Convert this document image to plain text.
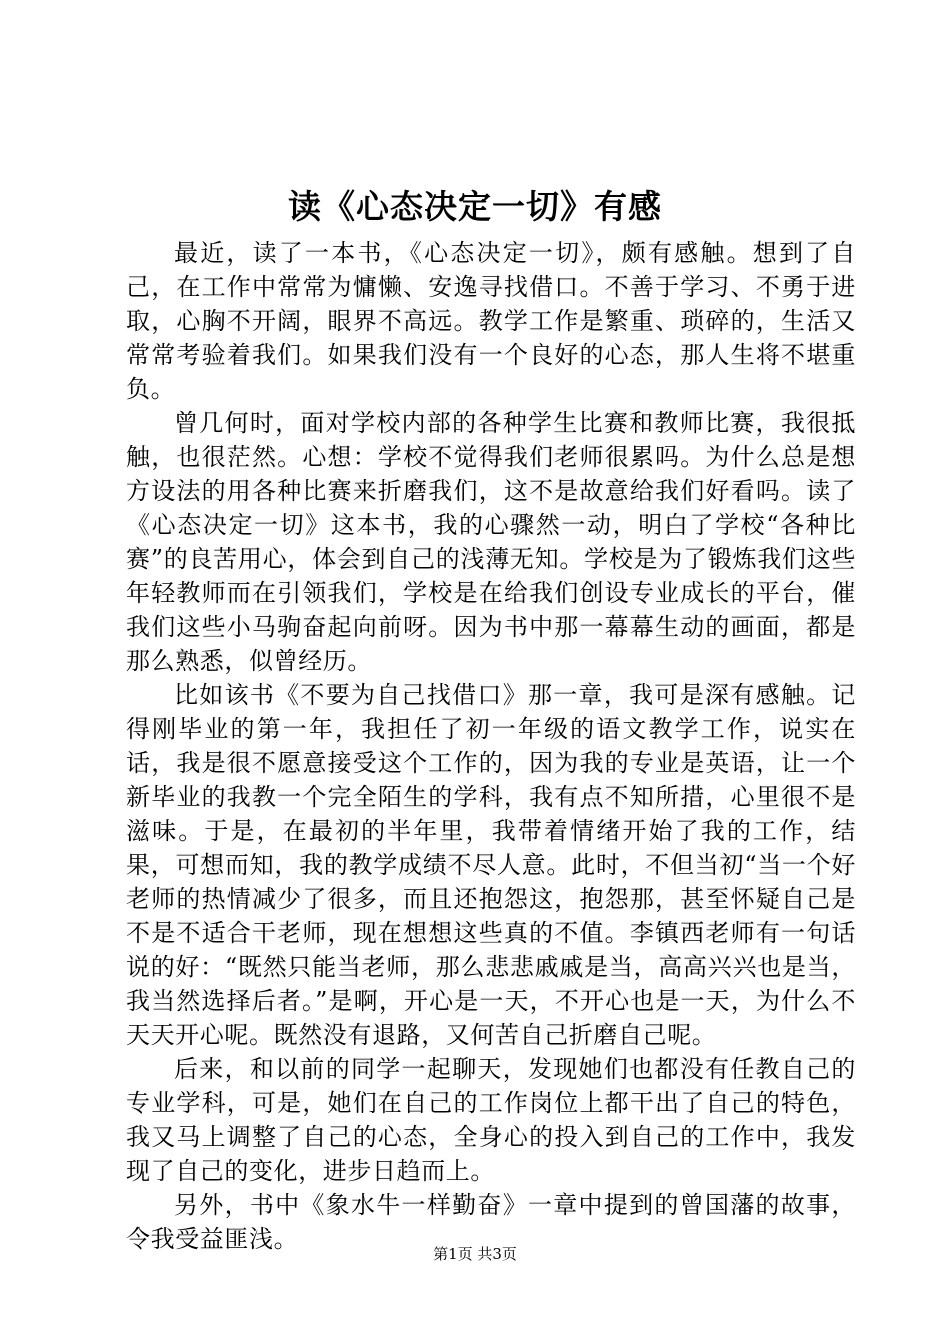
读《心态决定一切》有感

最近，读了一本书，《心态决定一切》，颇有感触。想到了自己，在工作中常常为慵懒、安逸寻找借口。不善于学习、不勇于进取，心胸不开阔，眼界不高远。教学工作是繁重、琐碎的，生活又常常考验着我们。如果我们没有一个良好的心态，那人生将不堪重负。

曾几何时，面对学校内部的各种学生比赛和教师比赛，我很抵触，也很茫然。心想：学校不觉得我们老师很累吗。为什么总是想方设法的用各种比赛来折磨我们，这不是故意给我们好看吗。读了《心态决定一切》这本书，我的心骤然一动，明白了学校“各种比赛”的良苦用心，体会到自己的浅薄无知。学校是为了锻炼我们这些年轻教师而在引领我们，学校是在给我们创设专业成长的平台，催我们这些小马驹奋起向前呀。因为书中那一幕幕生动的画面，都是那么熟悉，似曾经历。

比如该书《不要为自己找借口》那一章，我可是深有感触。记得刚毕业的第一年，我担任了初一年级的语文教学工作，说实在话，我是很不愿意接受这个工作的，因为我的专业是英语，让一个新毕业的我教一个完全陌生的学科，我有点不知所措，心里很不是滋味。于是，在最初的半年里，我带着情绪开始了我的工作，结果，可想而知，我的教学成绩不尽人意。此时，不但当初“当一个好老师的热情减少了很多，而且还抱怨这，抱怨那，甚至怀疑自己是不是不适合干老师，现在想想这些真的不值。李镇西老师有一句话说的好：“既然只能当老师，那么悲悲戚戚是当，高高兴兴也是当，我当然选择后者。”是啊，开心是一天，不开心也是一天，为什么不天天开心呢。既然没有退路，又何苦自己折磨自己呢。

后来，和以前的同学一起聊天，发现她们也都没有任教自己的专业学科，可是，她们在自己的工作岗位上都干出了自己的特色，我又马上调整了自己的心态，全身心的投入到自己的工作中，我发现了自己的变化，进步日趋而上。

另外，书中《象水牛一样勤奋》一章中提到的曾国藩的故事，令我受益匪浅。

第1页 共3页
